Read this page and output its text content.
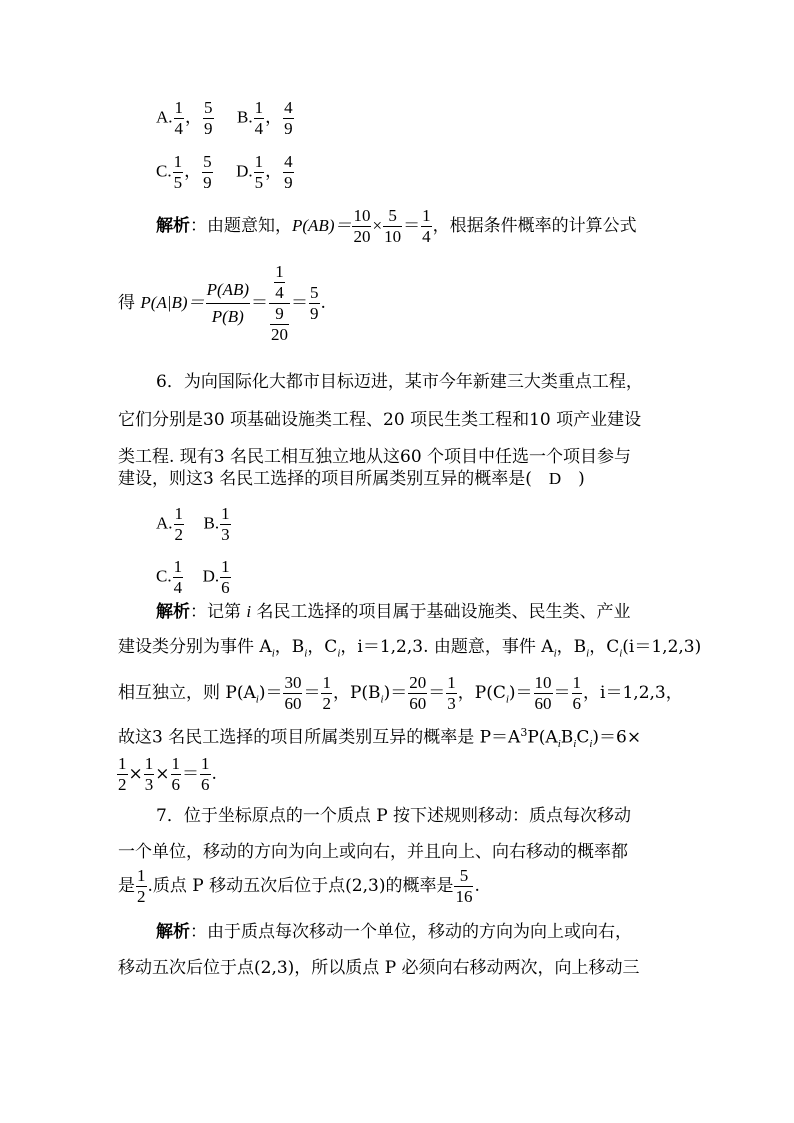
A. $\frac{1}{4}$ ， $\frac{5}{9} B$. $\frac{1}{4}$ ， $\frac{4}{9}$
C. $\frac{1}{5}$ ， $\frac{5}{9} D$. $\frac{1}{5}$ ， $\frac{4}{9}$
解析：由题意知，$P(AB)= \frac{10}{20} \times \frac{5}{10} = \frac{1}{4}$ ，根据条件概率的计算公式
得 $P(A|B)= \frac{P(AB)}{P(B)} = \frac{\frac{1}{4}}{\frac{9}{20}} = \frac{5}{9}$ .
6．为向国际化大都市目标迈进，某市今年新建三大类重点工程，
它们分别是30 项基础设施类工程、20 项民生类工程和10 项产业建设
类工程. 现有3 名民工相互独立地从这60 个项目中任选一个项目参与
建设，则这3 名民工选择的项目所属类别互异的概率是(　D　)
A. $\frac{1}{2} B$. $\frac{1}{3}$
C. $\frac{1}{4} D$. $\frac{1}{6}$
解析：记第 i 名民工选择的项目属于基础设施类、民生类、产业
建设类分别为事件 $A_i$，$B_i$，$C_i$，i＝1,2,3. 由题意，事件 $A_i$，$B_i$，$C_i(i=1,2,3)$
相互独立，则 $P(A_i)= \frac{30}{60} = \frac{1}{2}$ ，$P(B_i)= \frac{20}{60} = \frac{1}{3}$ ，$P(C_i)= \frac{10}{60} = \frac{1}{6}$ ，i＝1,2,3，
故这3 名民工选择的项目所属类别互异的概率是 $P=A^3P(A_iB_iC_i)=6\times$
$\frac{1}{2} \times \frac{1}{3} \times \frac{1}{6} = \frac{1}{6}$ .
7．位于坐标原点的一个质点 P 按下述规则移动：质点每次移动
一个单位，移动的方向为向上或向右，并且向上、向右移动的概率都
是 $\frac{1}{2}$ .质点 P 移动五次后位于点(2,3)的概率是 $\frac{5}{16}$ .
解析：由于质点每次移动一个单位，移动的方向为向上或向右，
移动五次后位于点(2,3)，所以质点 P 必须向右移动两次，向上移动三
